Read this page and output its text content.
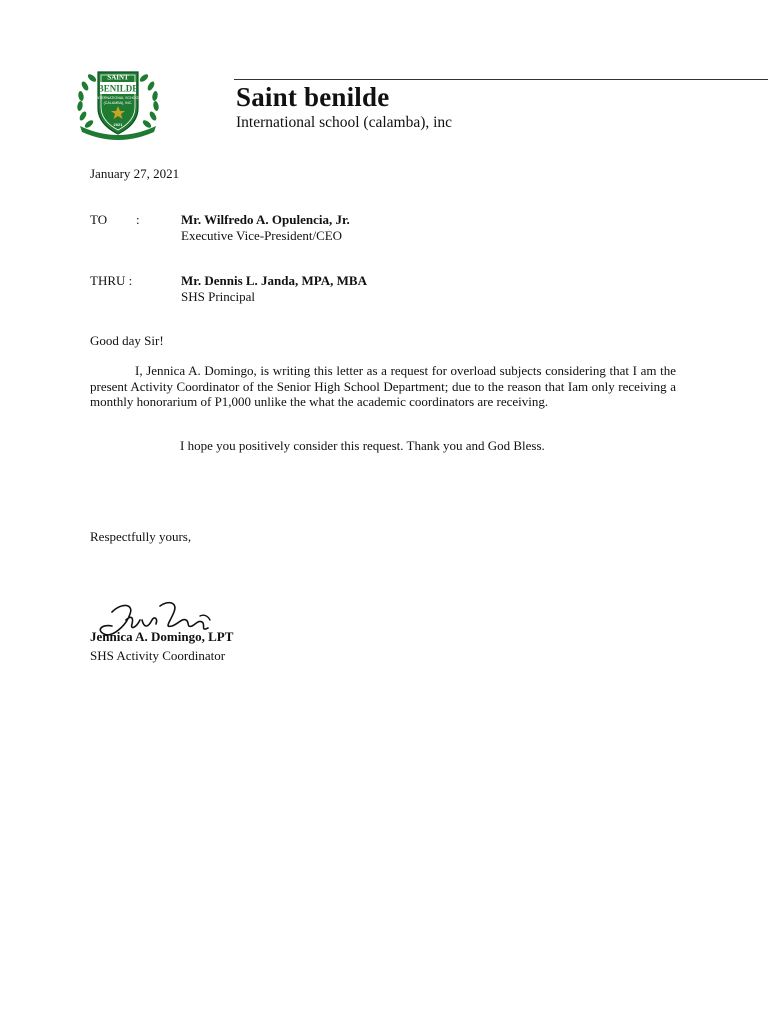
SAINT
BENILDE
INTERNATIONAL SCHOOL
(CALAMBA), INC.
2021
Saint benilde
International school (calamba), inc
January 27, 2021
TO :	Mr. Wilfredo A. Opulencia, Jr.
Executive Vice-President/CEO
THRU :	Mr. Dennis L. Janda, MPA, MBA
SHS Principal
Good day Sir!
I, Jennica A. Domingo, is writing this letter as a request for overload subjects considering that I am the present Activity Coordinator of the Senior High School Department; due to the reason that Iam only receiving a monthly honorarium of P1,000 unlike the what the academic coordinators are receiving.
I hope you positively consider this request. Thank you and God Bless.
Respectfully yours,
Jennica A. Domingo, LPT
SHS Activity Coordinator
